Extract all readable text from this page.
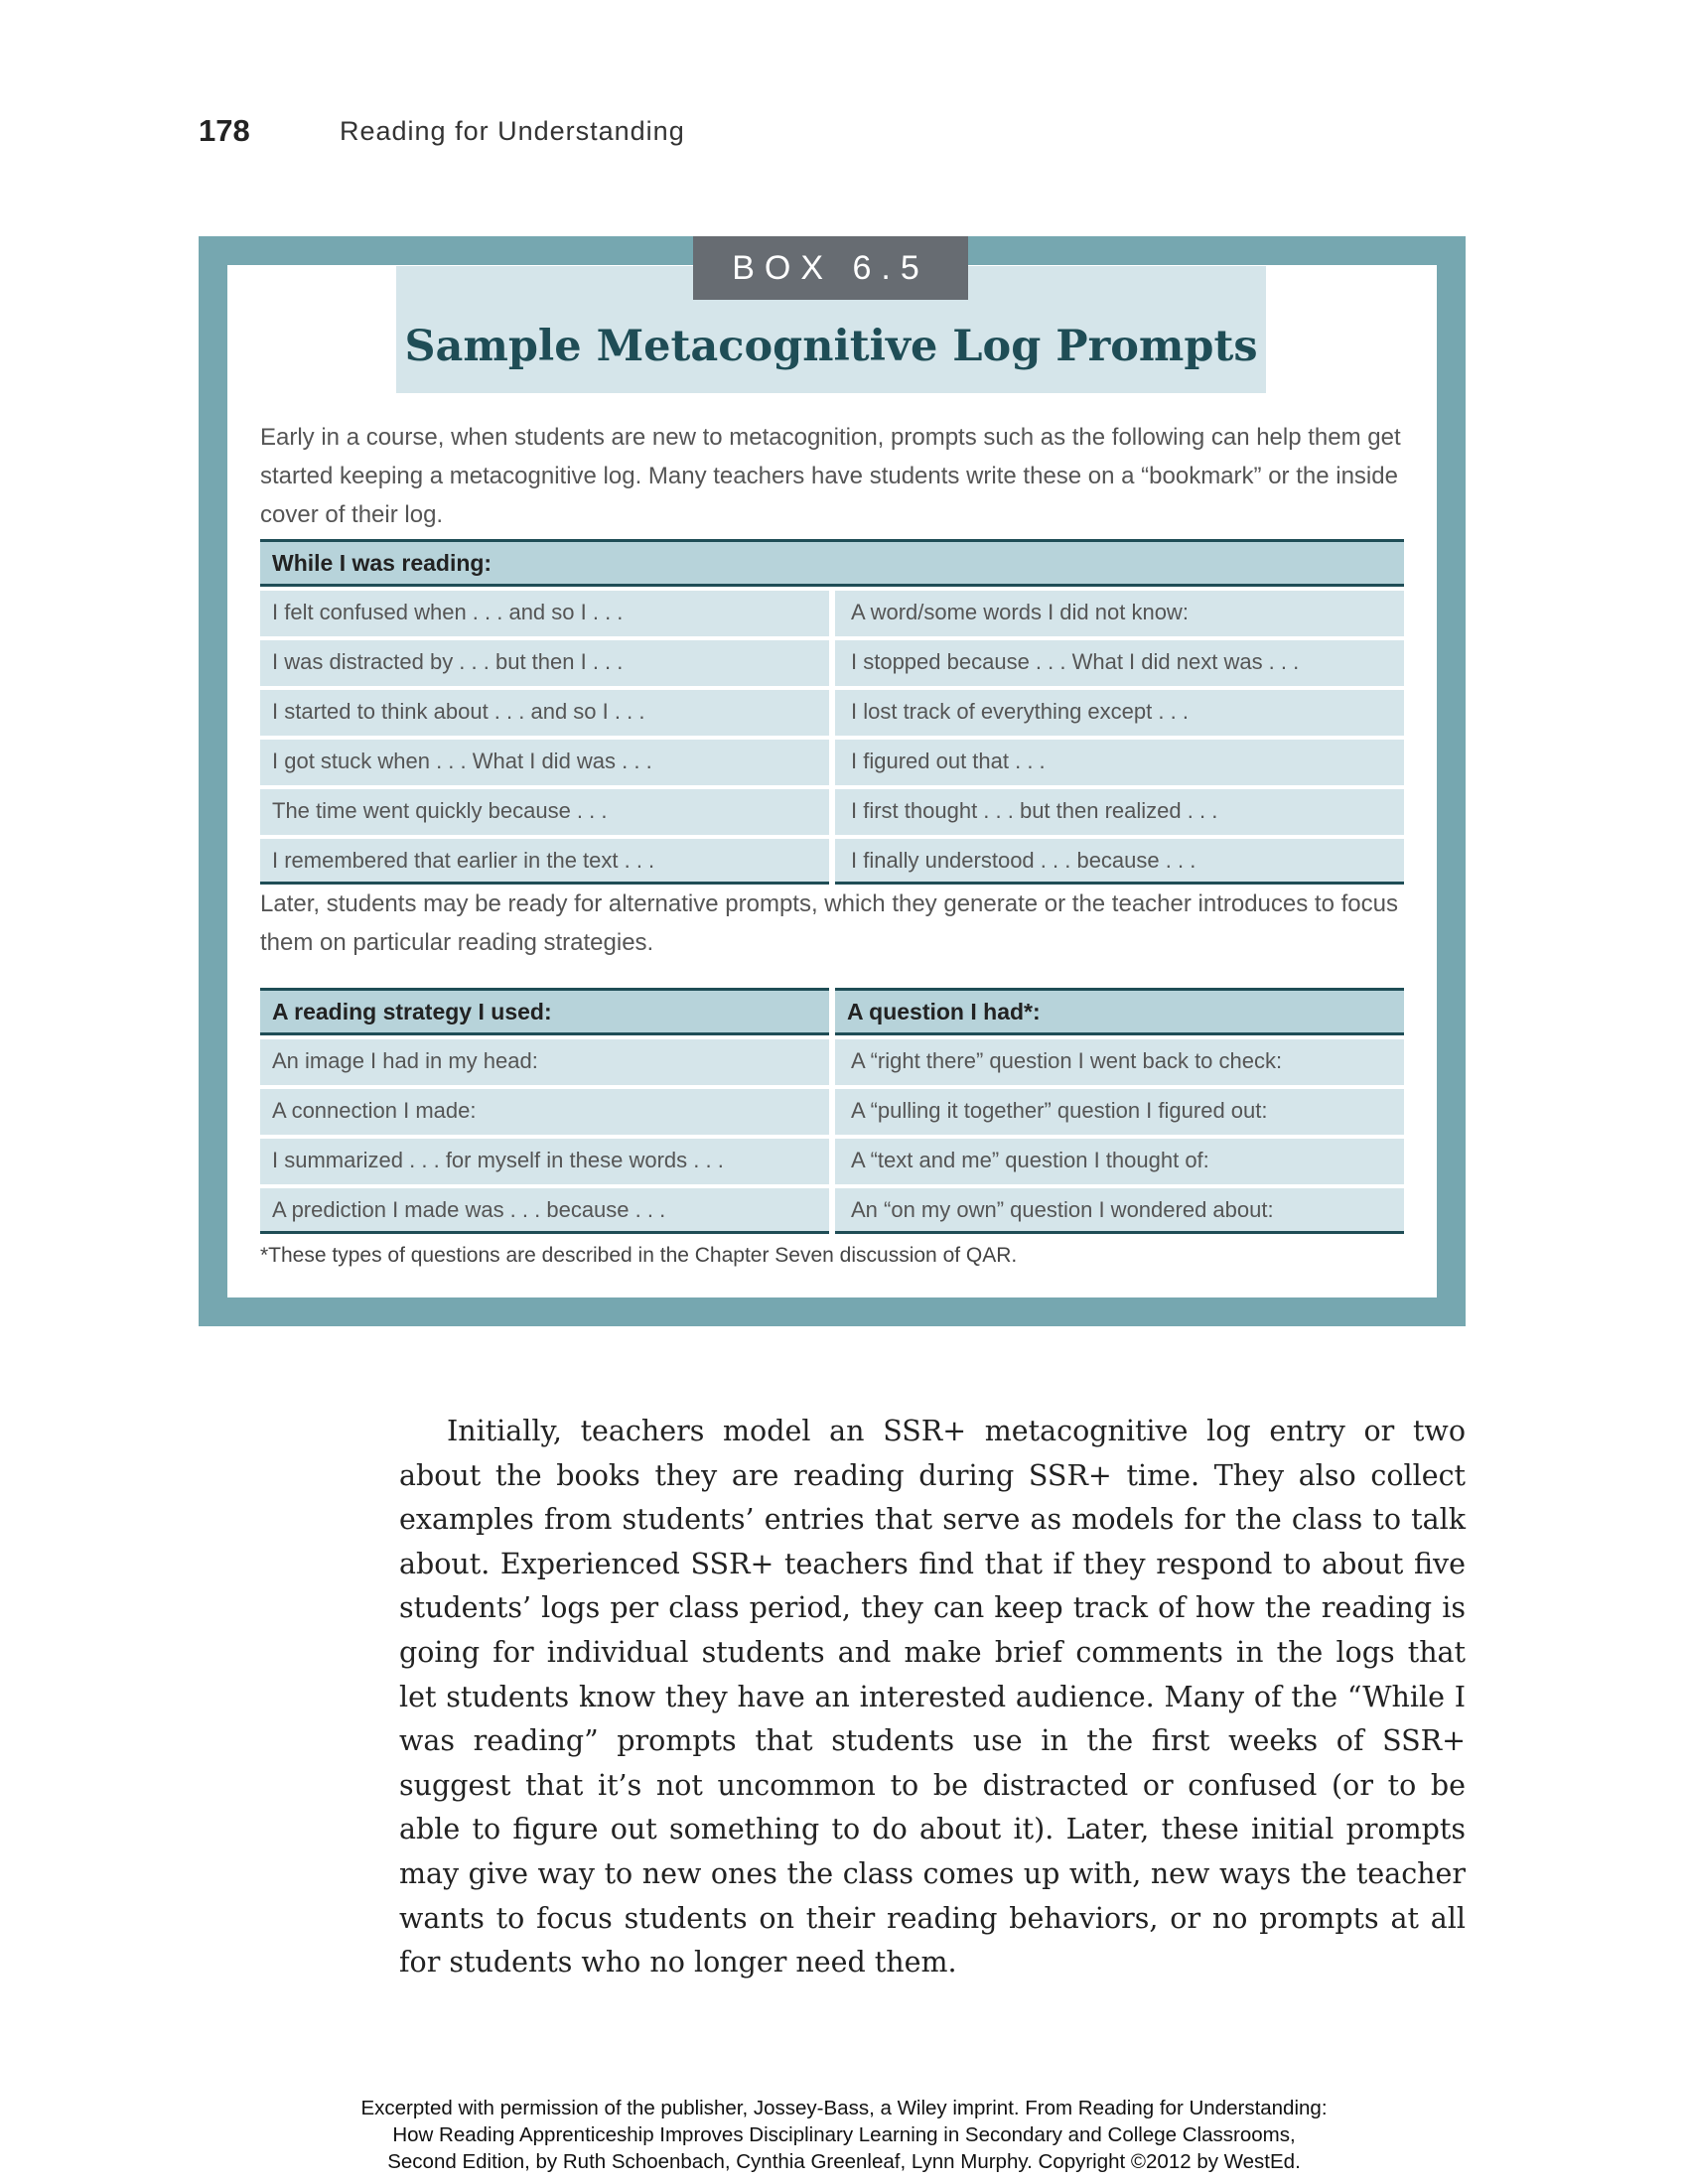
178	Reading for Understanding
BOX 6.5
Sample Metacognitive Log Prompts
Early in a course, when students are new to metacognition, prompts such as the following can help them get started keeping a metacognitive log. Many teachers have students write these on a “bookmark” or the inside cover of their log.
While I was reading:
I felt confused when . . . and so I . . .	A word/some words I did not know:
I was distracted by . . . but then I . . .	I stopped because . . . What I did next was . . .
I started to think about . . . and so I . . .	I lost track of everything except . . .
I got stuck when . . . What I did was . . .	I figured out that . . .
The time went quickly because . . .	I first thought . . . but then realized . . .
I remembered that earlier in the text . . .	I finally understood . . . because . . .
Later, students may be ready for alternative prompts, which they generate or the teacher introduces to focus them on particular reading strategies.
A reading strategy I used:	A question I had*:
An image I had in my head:	A “right there” question I went back to check:
A connection I made:	A “pulling it together” question I figured out:
I summarized . . . for myself in these words . . .	A “text and me” question I thought of:
A prediction I made was . . . because . . .	An “on my own” question I wondered about:
*These types of questions are described in the Chapter Seven discussion of QAR.

Initially, teachers model an SSR+ metacognitive log entry or two about the books they are reading during SSR+ time. They also collect examples from students’ entries that serve as models for the class to talk about. Experienced SSR+ teachers find that if they respond to about five students’ logs per class period, they can keep track of how the reading is going for individual students and make brief comments in the logs that let students know they have an interested audience. Many of the “While I was reading” prompts that students use in the first weeks of SSR+ suggest that it’s not uncommon to be distracted or confused (or to be able to figure out something to do about it). Later, these initial prompts may give way to new ones the class comes up with, new ways the teacher wants to focus students on their reading behaviors, or no prompts at all for students who no longer need them.

Excerpted with permission of the publisher, Jossey-Bass, a Wiley imprint. From Reading for Understanding:
How Reading Apprenticeship Improves Disciplinary Learning in Secondary and College Classrooms,
Second Edition, by Ruth Schoenbach, Cynthia Greenleaf, Lynn Murphy. Copyright ©2012 by WestEd.
